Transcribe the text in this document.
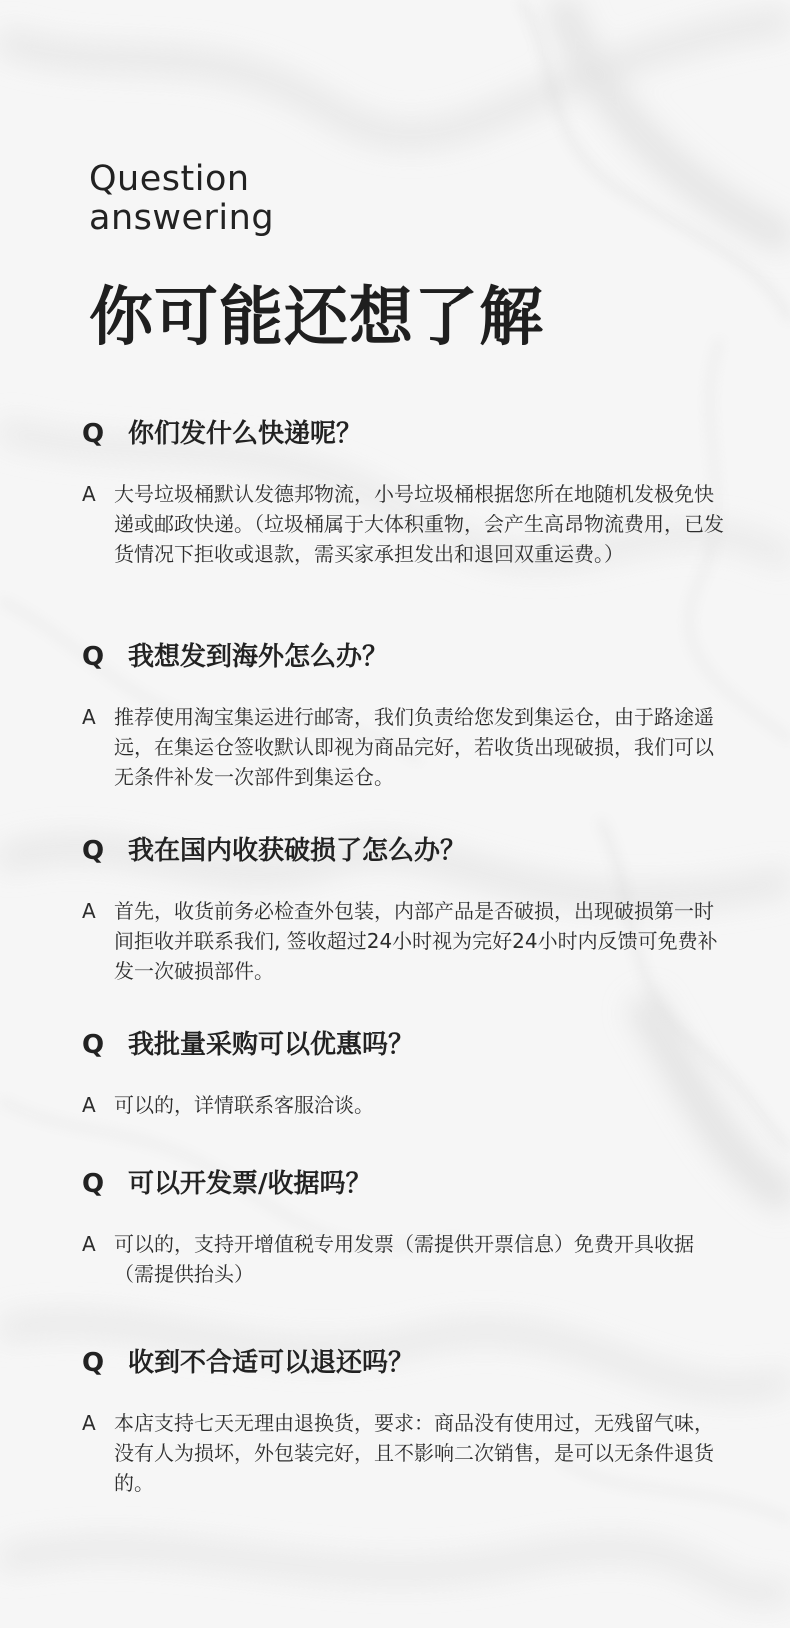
Question
answering
你可能还想了解
Q 你们发什么快递呢？
A 大号垃圾桶默认发德邦物流，小号垃圾桶根据您所在地随机发极免快递或邮政快递。（垃圾桶属于大体积重物，会产生高昂物流费用，已发货情况下拒收或退款，需买家承担发出和退回双重运费。）
Q 我想发到海外怎么办？
A 推荐使用淘宝集运进行邮寄，我们负责给您发到集运仓，由于路途遥远，在集运仓签收默认即视为商品完好，若收货出现破损，我们可以无条件补发一次部件到集运仓。
Q 我在国内收获破损了怎么办？
A 首先，收货前务必检查外包装，内部产品是否破损，出现破损第一时间拒收并联系我们, 签收超过24小时视为完好24小时内反馈可免费补发一次破损部件。
Q 我批量采购可以优惠吗？
A 可以的，详情联系客服洽谈。
Q 可以开发票/收据吗？
A 可以的，支持开增值税专用发票（需提供开票信息）免费开具收据（需提供抬头）
Q 收到不合适可以退还吗？
A 本店支持七天无理由退换货，要求：商品没有使用过，无残留气味，没有人为损坏，外包装完好，且不影响二次销售，是可以无条件退货的。
